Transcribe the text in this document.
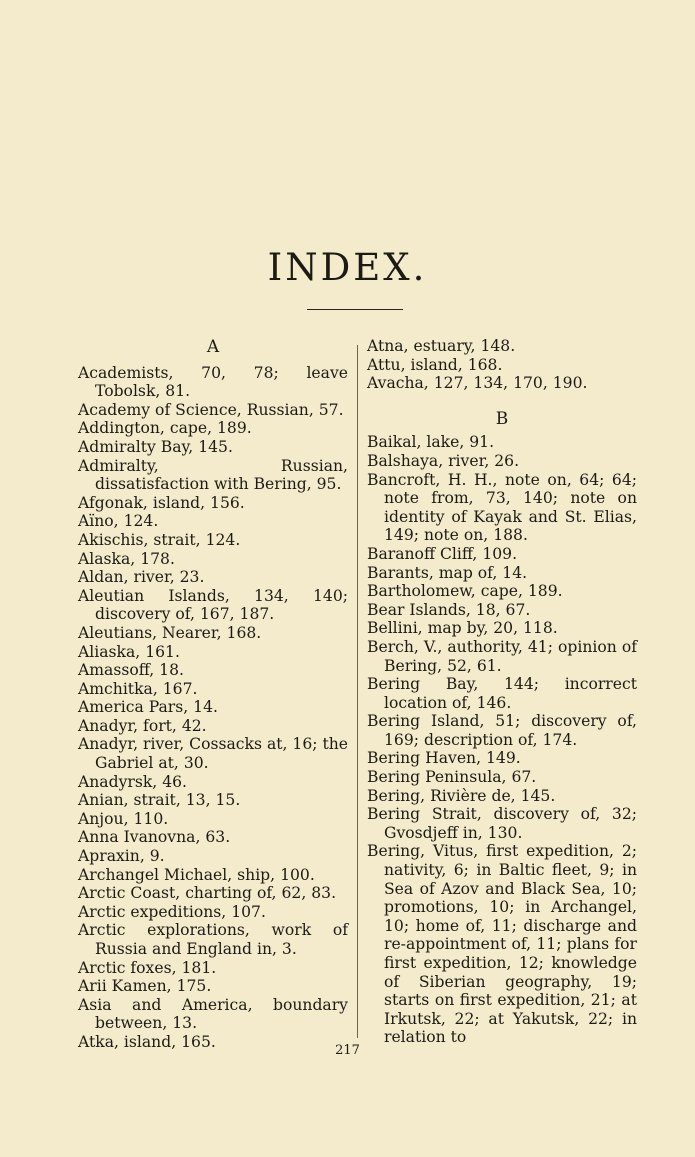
INDEX.
A

Academists, 70, 78; leave Tobolsk, 81.

Academy of Science, Russian, 57.

Addington, cape, 189.

Admiralty Bay, 145.

Admiralty, Russian, dissatisfaction with Bering, 95.

Afgonak, island, 156.

Aïno, 124.

Akischis, strait, 124.

Alaska, 178.

Aldan, river, 23.

Aleutian Islands, 134, 140; discovery of, 167, 187.

Aleutians, Nearer, 168.

Aliaska, 161.

Amassoff, 18.

Amchitka, 167.

America Pars, 14.

Anadyr, fort, 42.

Anadyr, river, Cossacks at, 16; the Gabriel at, 30.

Anadyrsk, 46.

Anian, strait, 13, 15.

Anjou, 110.

Anna Ivanovna, 63.

Apraxin, 9.

Archangel Michael, ship, 100.

Arctic Coast, charting of, 62, 83.

Arctic expeditions, 107.

Arctic explorations, work of Russia and England in, 3.

Arctic foxes, 181.

Arii Kamen, 175.

Asia and America, boundary between, 13.

Atka, island, 165.

Atna, estuary, 148.

Attu, island, 168.

Avacha, 127, 134, 170, 190.

B

Baikal, lake, 91.

Balshaya, river, 26.

Bancroft, H. H., note on, 64; 64; note from, 73, 140; note on identity of Kayak and St. Elias, 149; note on, 188.

Baranoff Cliff, 109.

Barants, map of, 14.

Bartholomew, cape, 189.

Bear Islands, 18, 67.

Bellini, map by, 20, 118.

Berch, V., authority, 41; opinion of Bering, 52, 61.

Bering Bay, 144; incorrect location of, 146.

Bering Island, 51; discovery of, 169; description of, 174.

Bering Haven, 149.

Bering Peninsula, 67.

Bering, Rivière de, 145.

Bering Strait, discovery of, 32; Gvosdjeff in, 130.

Bering, Vitus, first expedition, 2; nativity, 6; in Baltic fleet, 9; in Sea of Azov and Black Sea, 10; promotions, 10; in Archangel, 10; home of, 11; discharge and re-appointment of, 11; plans for first expedition, 12; knowledge of Siberian geography, 19; starts on first expedition, 21; at Irkutsk, 22; at Yakutsk, 22; in relation to

217
